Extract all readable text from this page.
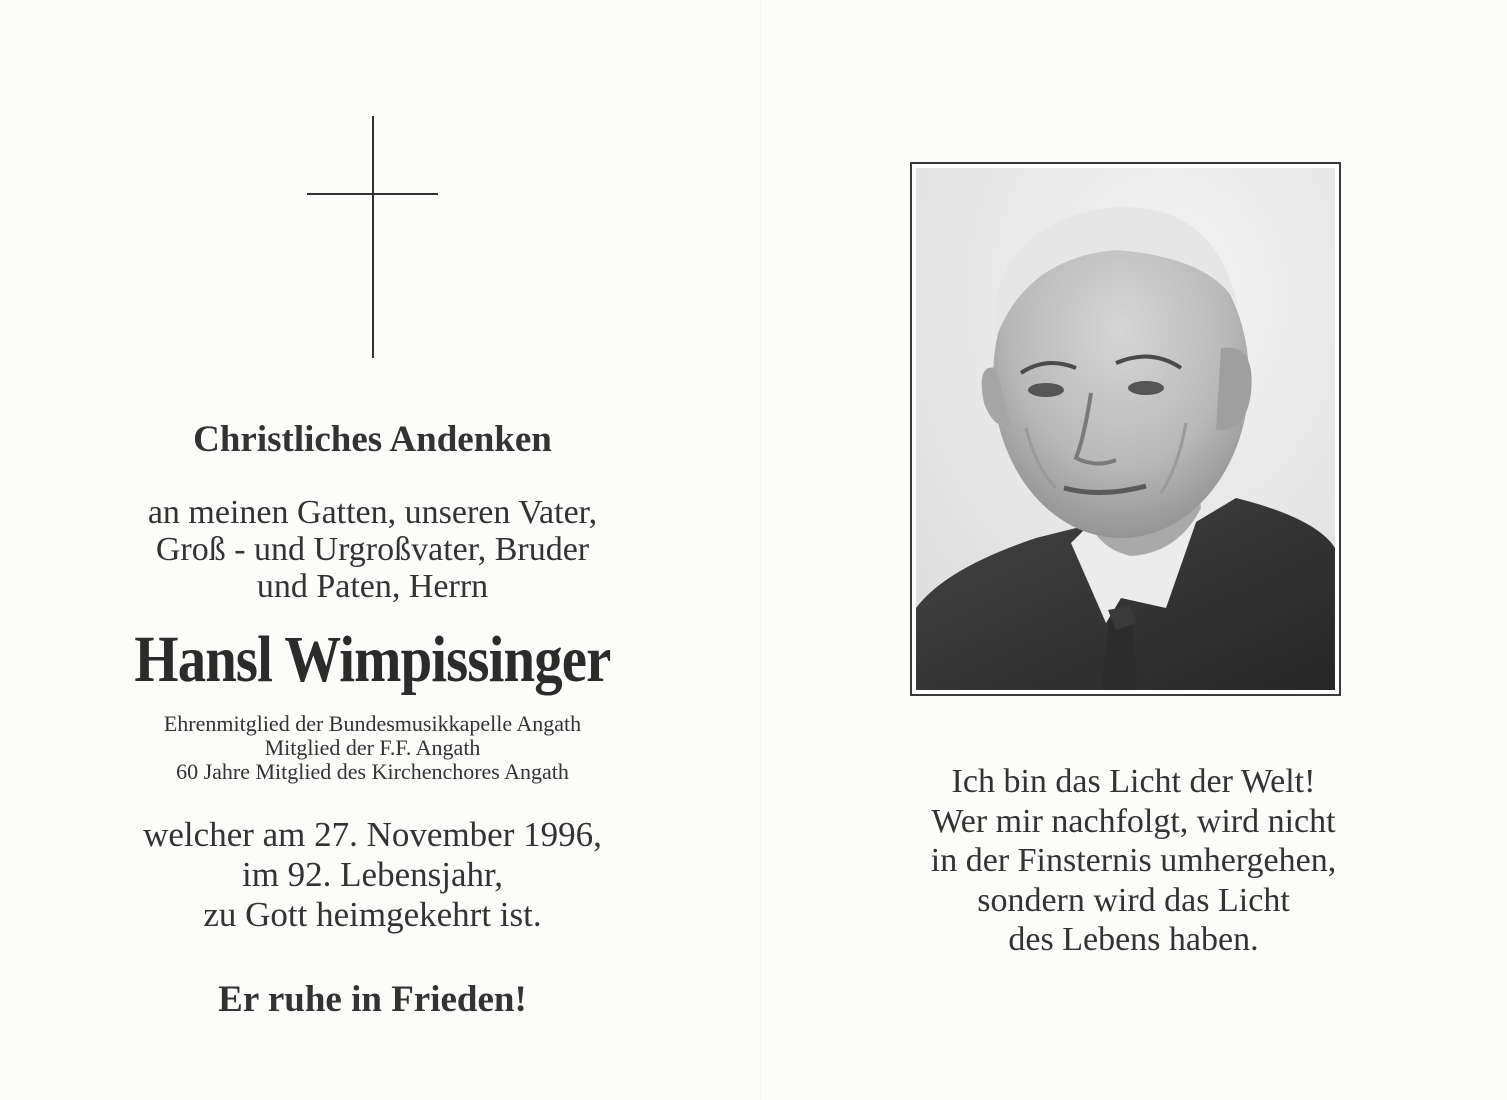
Christliches Andenken
an meinen Gatten, unseren Vater,
Groß - und Urgroßvater, Bruder
und Paten, Herrn
Hansl Wimpissinger
Ehrenmitglied der Bundesmusikkapelle Angath
Mitglied der F.F. Angath
60 Jahre Mitglied des Kirchenchores Angath
welcher am 27. November 1996,
im 92. Lebensjahr,
zu Gott heimgekehrt ist.
Er ruhe in Frieden!
Ich bin das Licht der Welt!
Wer mir nachfolgt, wird nicht
in der Finsternis umhergehen,
sondern wird das Licht
des Lebens haben.
